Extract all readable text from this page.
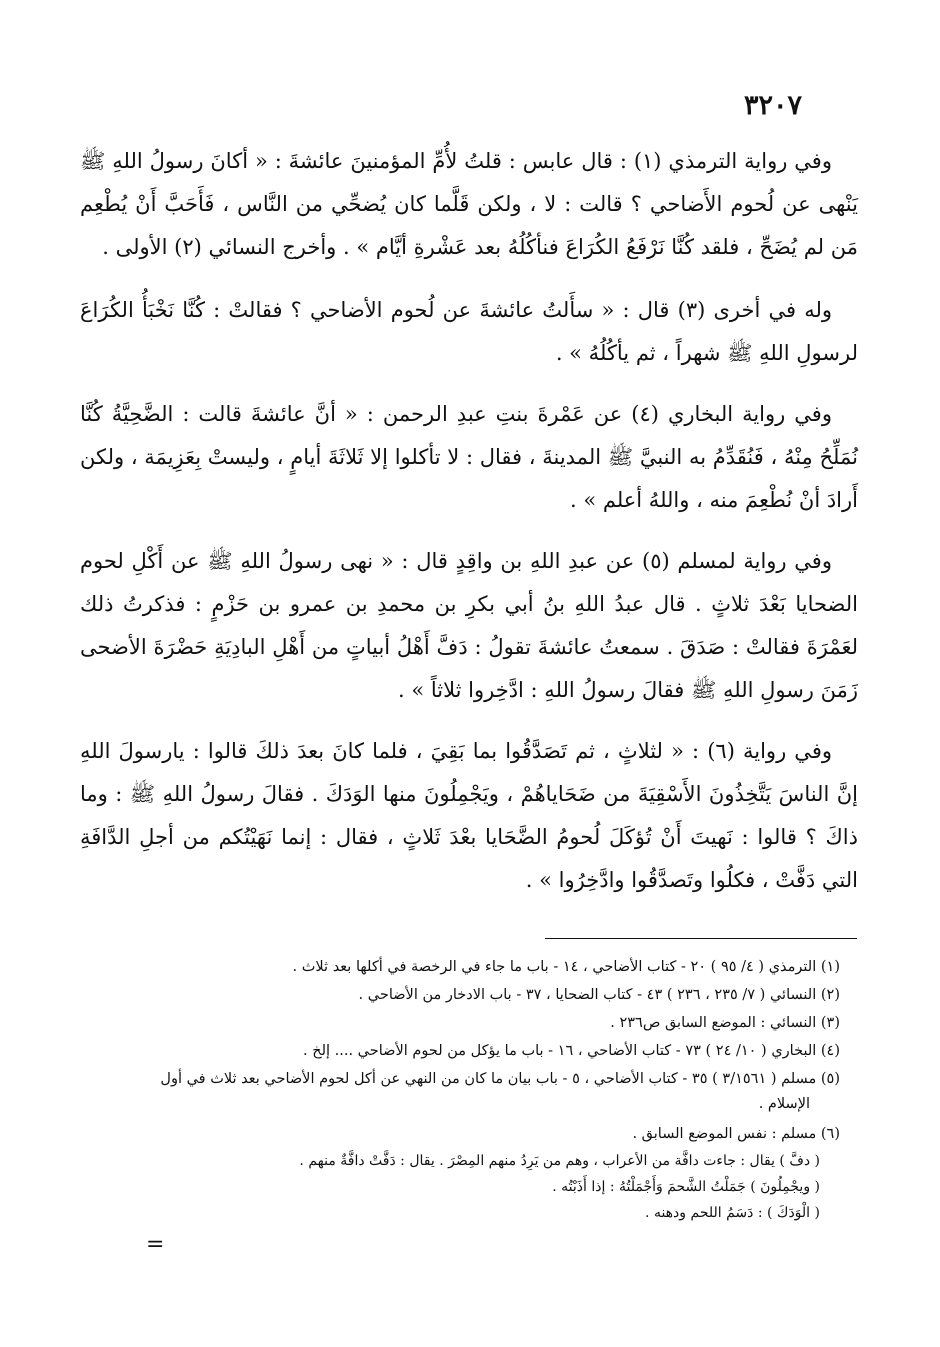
٣٢٠٧

وفي رواية الترمذي (١) : قال عابس : قلتُ لأُمِّ المؤمنينَ عائشةَ : « أكانَ رسولُ اللهِ ﷺ يَنْهى عن لُحوم الأَضاحي ؟ قالت : لا ، ولكن قَلَّما كان يُضحِّي من النَّاس ، فَأَحَبَّ أَنْ يُطْعِم مَن لم يُضَحِّ ، فلقد كُنَّا نَرْفَعُ الكُرَاعَ فنأكُلُهُ بعد عَشْرةِ أيَّام » . وأخرج النسائي (٢) الأولى .

وله في أخرى (٣) قال : « سأَلتُ عائشةَ عن لُحوم الأضاحي ؟ فقالتْ : كُنَّا نَخْبَأُ الكُرَاعَ لرسولِ اللهِ ﷺ شهراً ، ثم يأكُلُهُ » .

وفي رواية البخاري (٤) عن عَمْرةَ بنتِ عبدِ الرحمن : « أنَّ عائشةَ قالت : الضَّحِيَّةُ كُنَّا نُمَلِّحُ مِنْهُ ، فَنُقَدِّمُ به النبيَّ ﷺ المدينةَ ، فقال : لا تأكلوا إلا ثَلاثَةَ أيامٍ ، وليستْ بِعَزِيمَة ، ولكن أَرادَ أنْ نُطْعِمَ منه ، واللهُ أعلم » .

وفي رواية لمسلم (٥) عن عبدِ اللهِ بن واقِدٍ قال : « نهى رسولُ اللهِ ﷺ عن أَكْلِ لحوم الضحايا بَعْدَ ثلاثٍ . قال عبدُ اللهِ بنُ أبي بكرِ بن محمدِ بن عمرو بن حَزْمٍ : فذكرتُ ذلك لعَمْرَةَ فقالتْ : صَدَقَ . سمعتُ عائشةَ تقولُ : دَفَّ أَهْلُ أبياتٍ من أَهْلِ البادِيَةِ حَضْرَةَ الأضحى زَمَنَ رسولِ اللهِ ﷺ فقالَ رسولُ اللهِ : ادَّخِروا ثلاثاً » .

وفي رواية (٦) : « لثلاثٍ ، ثم تَصَدَّقُوا بما بَقِيَ ، فلما كانَ بعدَ ذلكَ قالوا : يارسولَ اللهِ إنَّ الناسَ يَتَّخِذُونَ الأَسْقِيَةَ من ضَحَاياهُمْ ، ويَجْمِلُونَ منها الوَدَكَ . فقالَ رسولُ اللهِ ﷺ : وما ذاكَ ؟ قالوا : نَهيتَ أَنْ تُؤكَلَ لُحومُ الضَّحَايا بعْدَ ثَلاثٍ ، فقال : إنما نَهَيْتُكم من أجلِ الدَّافَةِ التي دَفَّتْ ، فكلُوا وتَصدَّقُوا وادَّخِرُوا » .

(١) الترمذي ( ٤/ ٩٥ ) ٢٠ - كتاب الأضاحي ، ١٤ - باب ما جاء في الرخصة في أكلها بعد ثلاث .

(٢) النسائي ( ٧/ ٢٣٥ ، ٢٣٦ ) ٤٣ - كتاب الضحايا ، ٣٧ - باب الادخار من الأضاحي .

(٣) النسائي : الموضع السابق ص٢٣٦ .

(٤) البخاري ( ١٠/ ٢٤ ) ٧٣ - كتاب الأضاحي ، ١٦ - باب ما يؤكل من لحوم الأضاحي .... إلخ .

(٥) مسلم ( ٣/١٥٦١ ) ٣٥ - كتاب الأضاحي ، ٥ - باب بيان ما كان من النهي عن أكل لحوم الأضاحي بعد ثلاث في أول
الإسلام .

(٦) مسلم : نفس الموضع السابق .

( دفَّ ) يقال : جاءت دافَّة من الأعراب ، وهم من يَرِدُ منهم المِصْرَ . يقال : دَفَّتْ دافَّةٌ منهم .

( ويجْمِلُونَ ) جَمَلْتُ الشَّحمَ وَأَجْمَلْتُهُ : إذا أَذَبْتُه .

( الْوَدَكَ ) : دَسَمُ اللحم ودهنه .

=
